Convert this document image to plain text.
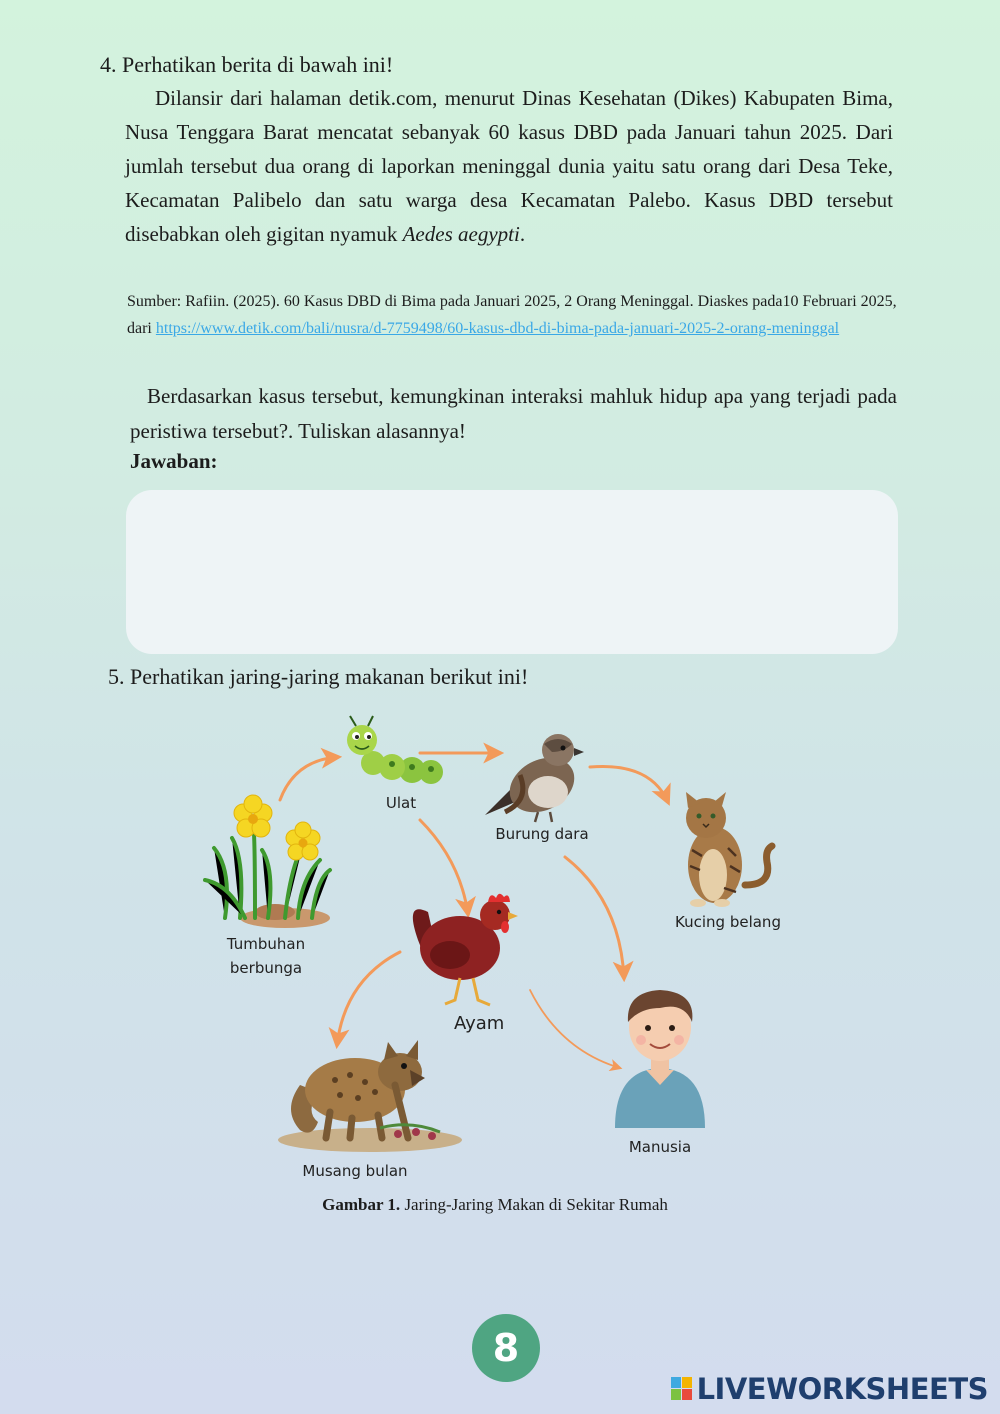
4. Perhatikan berita di bawah ini!
Dilansir dari halaman detik.com, menurut Dinas Kesehatan (Dikes) Kabupaten Bima, Nusa Tenggara Barat mencatat sebanyak 60 kasus DBD pada Januari tahun 2025. Dari jumlah tersebut dua orang di laporkan meninggal dunia yaitu satu orang dari Desa Teke, Kecamatan Palibelo dan satu warga desa Kecamatan Palebo. Kasus DBD tersebut disebabkan oleh gigitan nyamuk Aedes aegypti.
Sumber: Rafiin. (2025). 60 Kasus DBD di Bima pada Januari 2025, 2 Orang Meninggal. Diaskes pada10 Februari 2025, dari https://www.detik.com/bali/nusra/d-7759498/60-kasus-dbd-di-bima-pada-januari-2025-2-orang-meninggal
Berdasarkan kasus tersebut, kemungkinan interaksi mahluk hidup apa yang terjadi pada peristiwa tersebut?. Tuliskan alasannya!
Jawaban:
5. Perhatikan jaring-jaring makanan berikut ini!
Ulat
Burung dara
Kucing belang
Tumbuhan
berbunga
Ayam
Musang bulan
Manusia
Gambar 1. Jaring-Jaring Makan di Sekitar Rumah
8
LIVEWORKSHEETS
